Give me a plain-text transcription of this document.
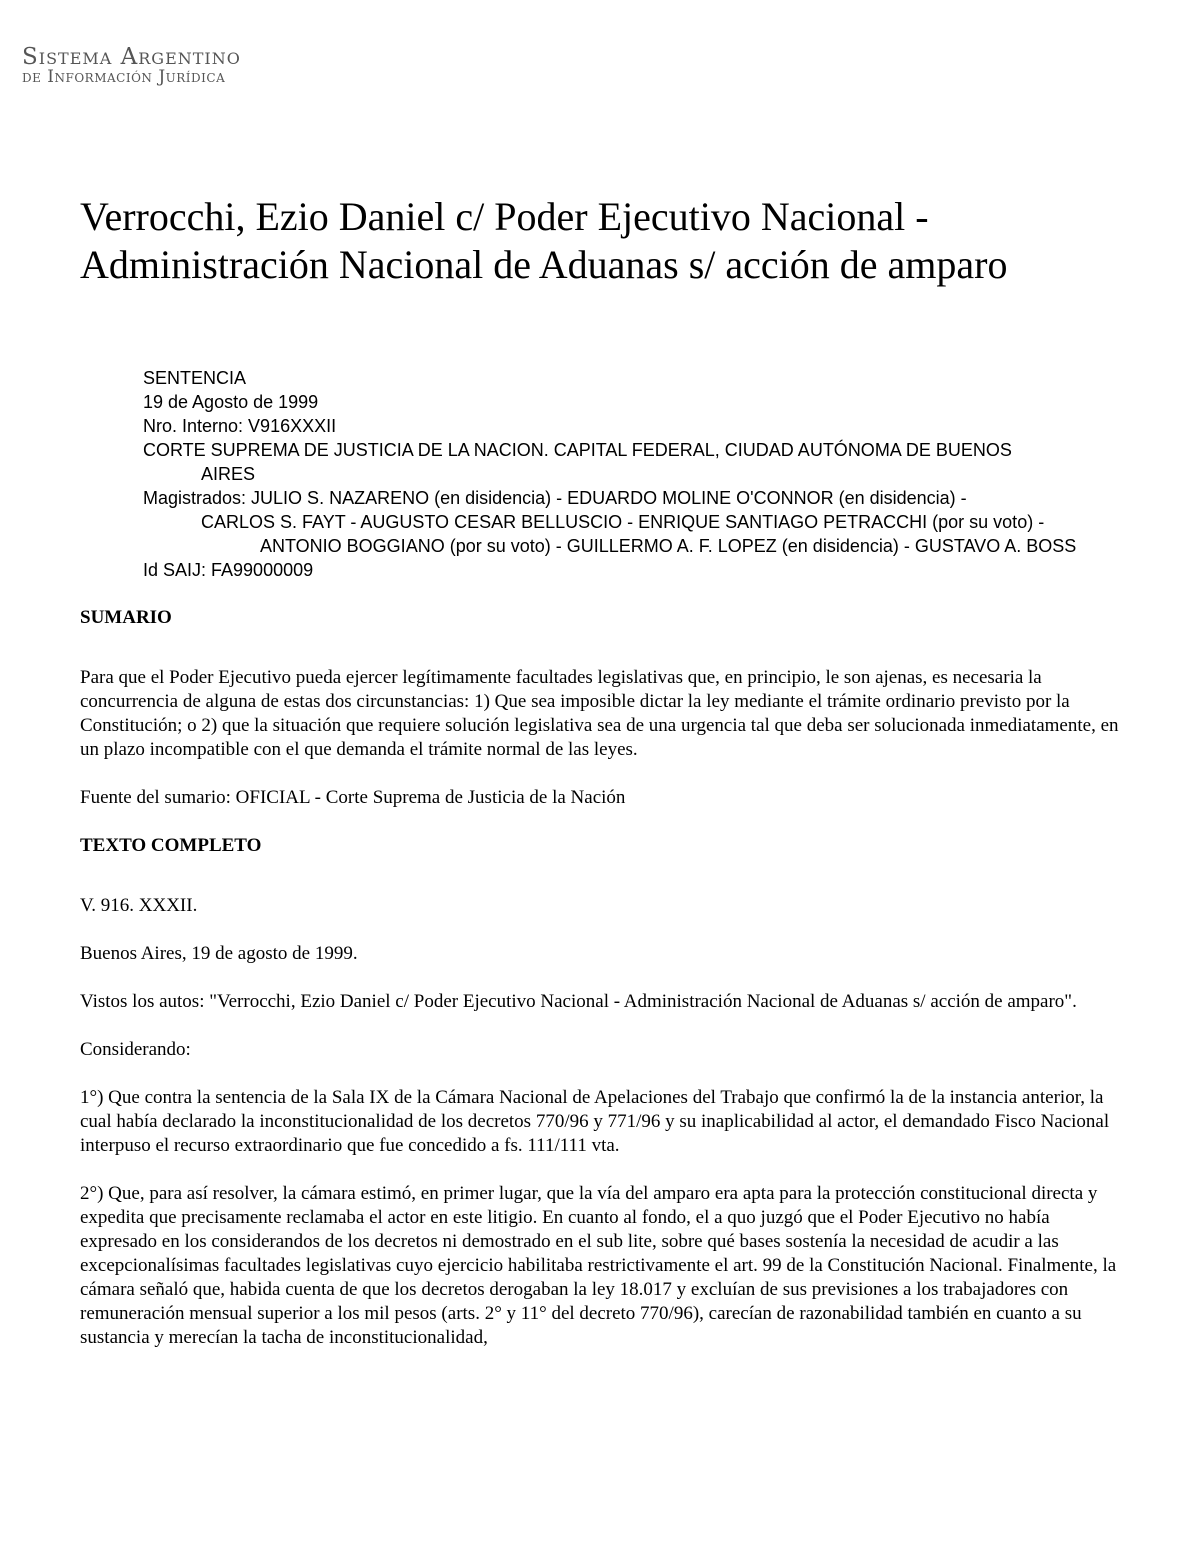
Sistema Argentino
de Información Jurídica
Verrocchi, Ezio Daniel c/ Poder Ejecutivo Nacional - Administración Nacional de Aduanas s/ acción de amparo
SENTENCIA
19 de Agosto de 1999
Nro. Interno: V916XXXII
CORTE SUPREMA DE JUSTICIA DE LA NACION. CAPITAL FEDERAL, CIUDAD AUTÓNOMA DE BUENOS
AIRES
Magistrados: JULIO S. NAZARENO (en disidencia) - EDUARDO MOLINE O'CONNOR (en disidencia) -
CARLOS S. FAYT - AUGUSTO CESAR BELLUSCIO - ENRIQUE SANTIAGO PETRACCHI (por su voto) -
ANTONIO BOGGIANO (por su voto) - GUILLERMO A. F. LOPEZ (en disidencia) - GUSTAVO A. BOSS
Id SAIJ: FA99000009
SUMARIO

Para que el Poder Ejecutivo pueda ejercer legítimamente facultades legislativas que, en principio, le son ajenas, es necesaria la concurrencia de alguna de estas dos circunstancias: 1) Que sea imposible dictar la ley mediante el trámite ordinario previsto por la Constitución; o 2) que la situación que requiere solución legislativa sea de una urgencia tal que deba ser solucionada inmediatamente, en un plazo incompatible con el que demanda el trámite normal de las leyes.

Fuente del sumario: OFICIAL - Corte Suprema de Justicia de la Nación

TEXTO COMPLETO

V. 916. XXXII.

Buenos Aires, 19 de agosto de 1999.

Vistos los autos: "Verrocchi, Ezio Daniel c/ Poder Ejecutivo Nacional - Administración Nacional de Aduanas s/ acción de amparo".

Considerando:

1°) Que contra la sentencia de la Sala IX de la Cámara Nacional de Apelaciones del Trabajo que confirmó la de la instancia anterior, la cual había declarado la inconstitucionalidad de los decretos 770/96 y 771/96 y su inaplicabilidad al actor, el demandado Fisco Nacional interpuso el recurso extraordinario que fue concedido a fs. 111/111 vta.

2°) Que, para así resolver, la cámara estimó, en primer lugar, que la vía del amparo era apta para la protección constitucional directa y expedita que precisamente reclamaba el actor en este litigio. En cuanto al fondo, el a quo juzgó que el Poder Ejecutivo no había expresado en los considerandos de los decretos ni demostrado en el sub lite, sobre qué bases sostenía la necesidad de acudir a las excepcionalísimas facultades legislativas cuyo ejercicio habilitaba restrictivamente el art. 99 de la Constitución Nacional. Finalmente, la cámara señaló que, habida cuenta de que los decretos derogaban la ley 18.017 y excluían de sus previsiones a los trabajadores con remuneración mensual superior a los mil pesos (arts. 2° y 11° del decreto 770/96), carecían de razonabilidad también en cuanto a su sustancia y merecían la tacha de inconstitucionalidad,
